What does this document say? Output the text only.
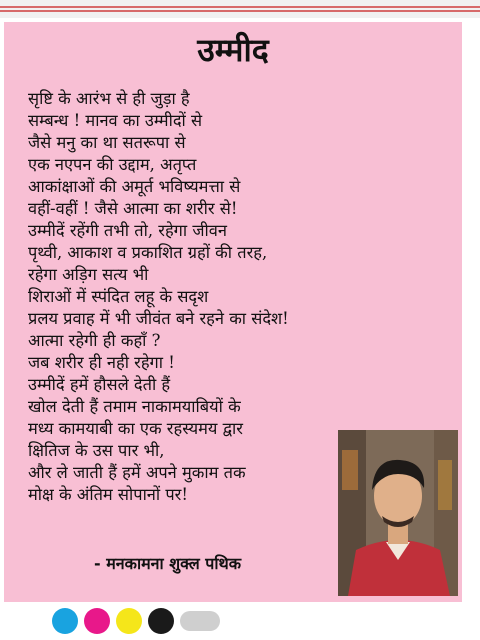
उम्मीद
सृष्टि के आरंभ से ही जुड़ा है
सम्बन्ध ! मानव का उम्मीदों से
जैसे मनु का था सतरूपा से
एक नएपन की उद्दाम, अतृप्त
आकांक्षाओं की अमूर्त भविष्यमत्ता से
वहीं-वहीं ! जैसे आत्मा का शरीर से!
उम्मीदें रहेंगी तभी तो, रहेगा जीवन
पृथ्वी, आकाश व प्रकाशित ग्रहों की तरह,
रहेगा अड़िग सत्य भी
शिराओं में स्पंदित लहू के सदृश
प्रलय प्रवाह में भी जीवंत बने रहने का संदेश!
आत्मा रहेगी ही कहाँ ?
जब शरीर ही नही रहेगा !
उम्मीदें हमें हौसले देती हैं
खोल देती हैं तमाम नाकामयाबियों के
मध्य कामयाबी का एक रहस्यमय द्वार
क्षितिज के उस पार भी,
और ले जाती हैं हमें अपने मुकाम तक
मोक्ष के अंतिम सोपानों पर!
- मनकामना शुक्ल पथिक
